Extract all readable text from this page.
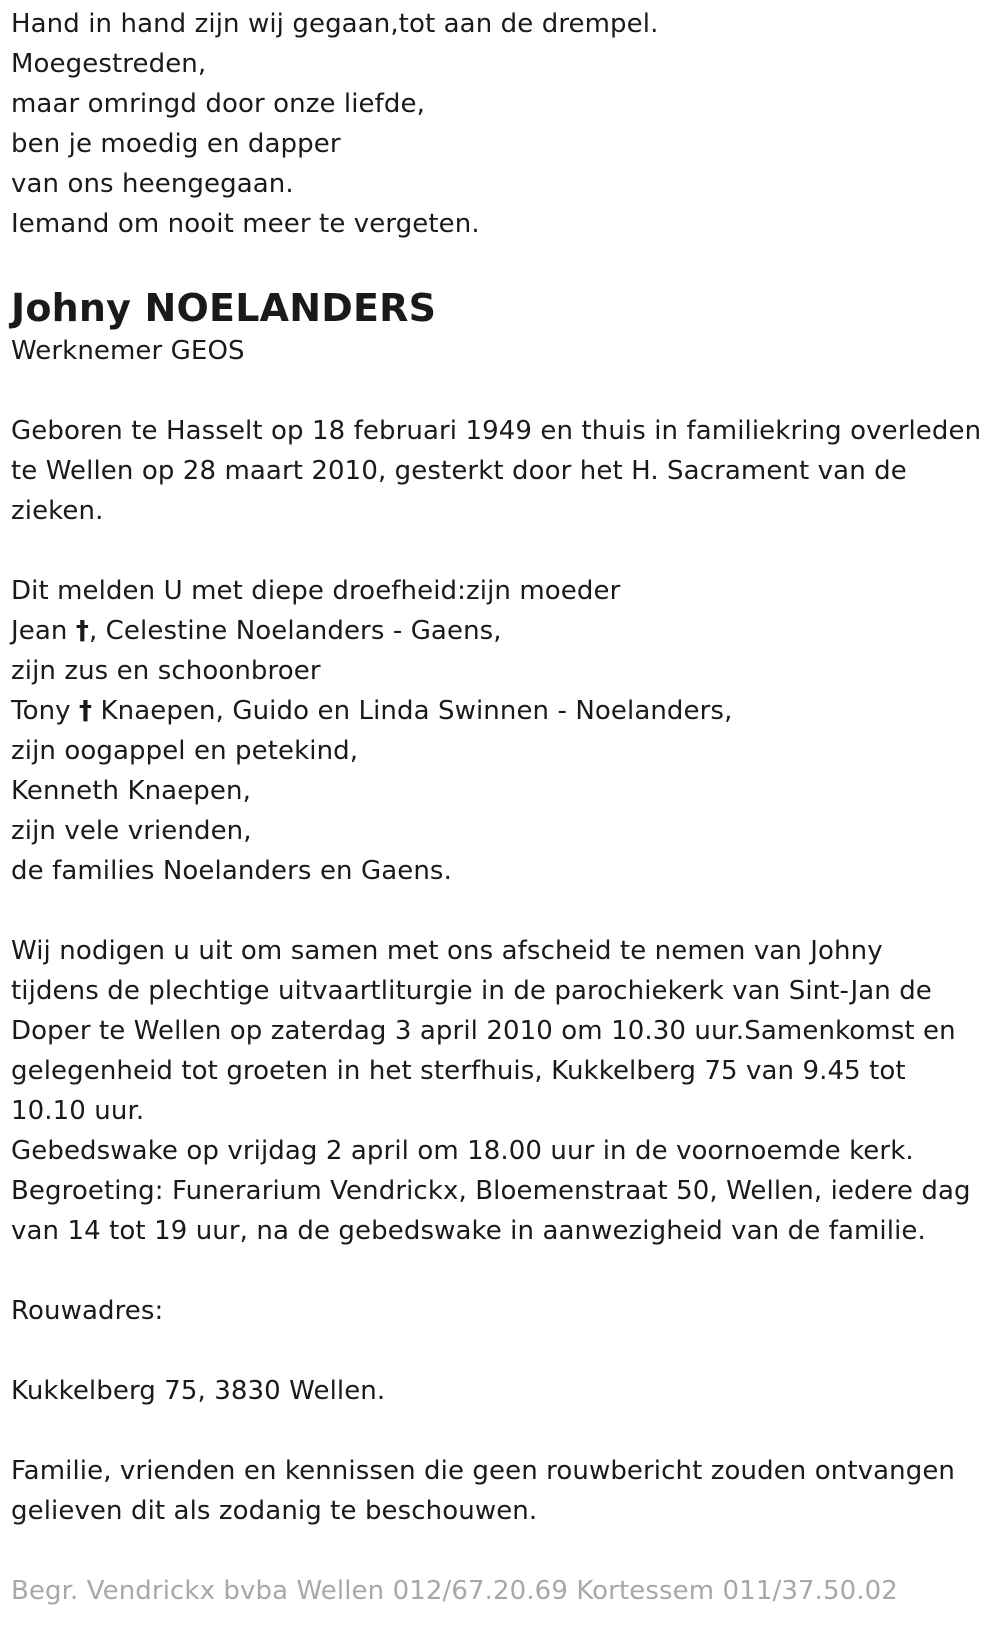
Hand in hand zijn wij gegaan,tot aan de drempel.
Moegestreden,
maar omringd door onze liefde,
ben je moedig en dapper
van ons heengegaan.
Iemand om nooit meer te vergeten.
Johny NOELANDERS
Werknemer GEOS
Geboren te Hasselt op 18 februari 1949 en thuis in familiekring overleden
te Wellen op 28 maart 2010, gesterkt door het H. Sacrament van de
zieken.
Dit melden U met diepe droefheid:zijn moeder
Jean †, Celestine Noelanders - Gaens,
zijn zus en schoonbroer
Tony † Knaepen, Guido en Linda Swinnen - Noelanders,
zijn oogappel en petekind,
Kenneth Knaepen,
zijn vele vrienden,
de families Noelanders en Gaens.
Wij nodigen u uit om samen met ons afscheid te nemen van Johny
tijdens de plechtige uitvaartliturgie in de parochiekerk van Sint-Jan de
Doper te Wellen op zaterdag 3 april 2010 om 10.30 uur.Samenkomst en
gelegenheid tot groeten in het sterfhuis, Kukkelberg 75 van 9.45 tot
10.10 uur.
Gebedswake op vrijdag 2 april om 18.00 uur in de voornoemde kerk.
Begroeting: Funerarium Vendrickx, Bloemenstraat 50, Wellen, iedere dag
van 14 tot 19 uur, na de gebedswake in aanwezigheid van de familie.
Rouwadres:
Kukkelberg 75, 3830 Wellen.
Familie, vrienden en kennissen die geen rouwbericht zouden ontvangen
gelieven dit als zodanig te beschouwen.
Begr. Vendrickx bvba Wellen 012/67.20.69 Kortessem 011/37.50.02
